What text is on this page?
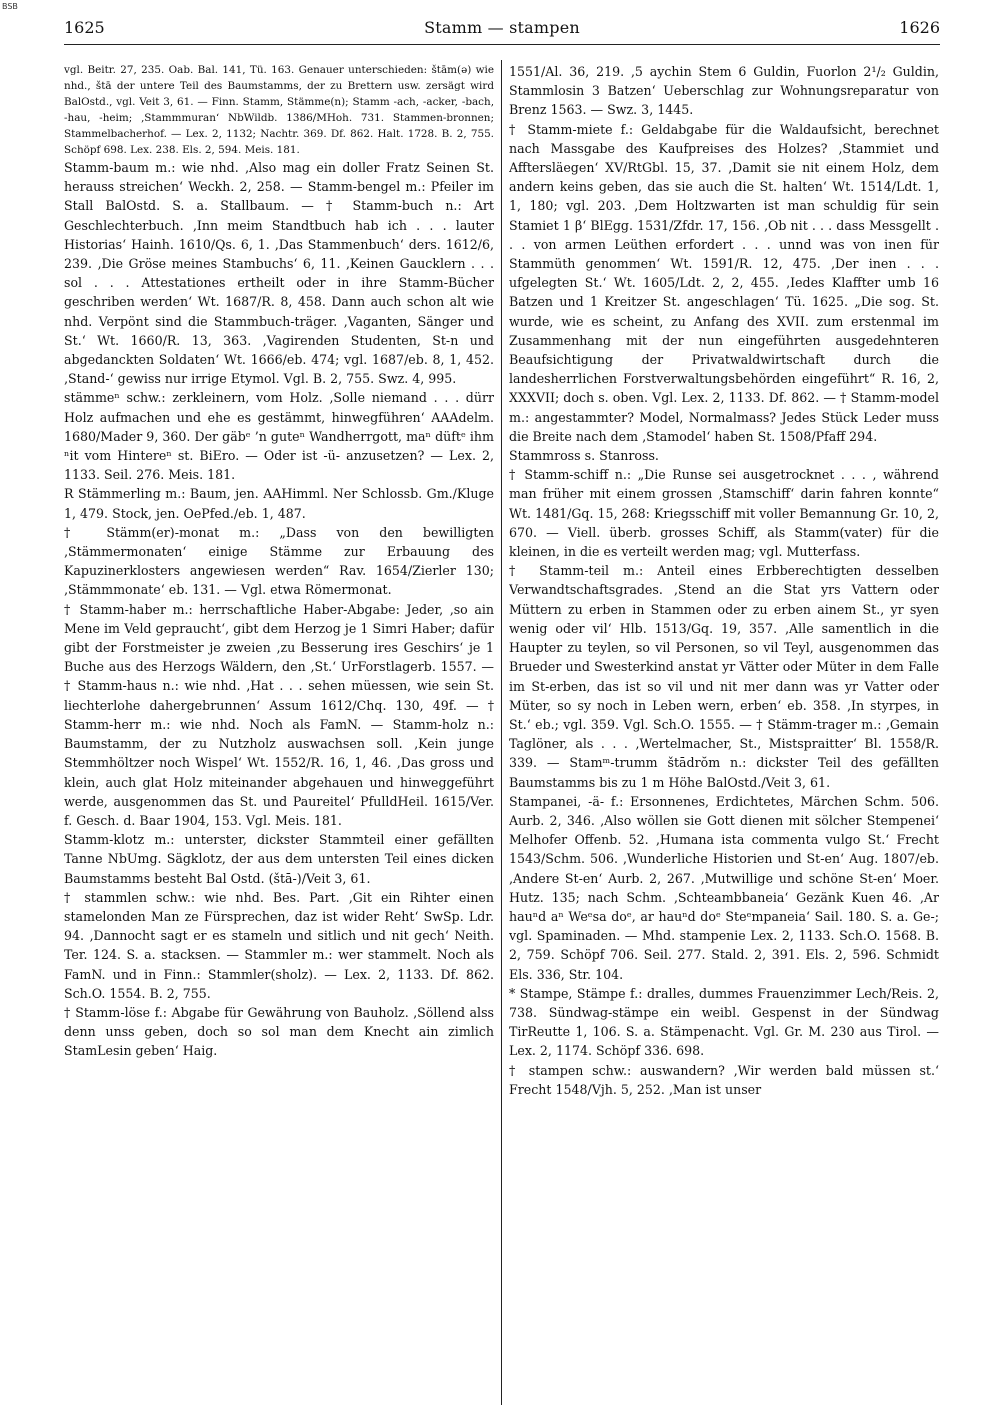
BSB
1625	Stamm — stampen	1626

vgl. Beitr. 27, 235. Oab. Bal. 141, Tü. 163. Genauer unterschieden: štām(ə) wie nhd., štā der untere Teil des Baumstamms, der zu Brettern usw. zersägt wird BalOstd., vgl. Veit 3, 61. — Finn. Stamm, Stämme(n); Stamm -ach, -acker, -bach, -hau, -heim; ‚Stammmuran‘ NbWildb. 1386/MHoh. 731. Stammen-bronnen; Stammelbacherhof. — Lex. 2, 1132; Nachtr. 369. Df. 862. Halt. 1728. B. 2, 755. Schöpf 698. Lex. 238. Els. 2, 594. Meis. 181.

Stamm-baum m.: wie nhd. ‚Also mag ein doller Fratz Seinen St. herauss streichen‘ Weckh. 2, 258. — Stamm-bengel m.: Pfeiler im Stall BalOstd. S. a. Stallbaum. — † Stamm-buch n.: Art Geschlechterbuch. ‚Inn meim Standtbuch hab ich . . . lauter Historias‘ Hainh. 1610/Qs. 6, 1. ‚Das Stammenbuch‘ ders. 1612/6, 239. ‚Die Gröse meines Stambuchs‘ 6, 11. ‚Keinen Gaucklern . . . sol . . . Attestationes ertheilt oder in ihre Stamm-Bücher geschriben werden‘ Wt. 1687/R. 8, 458. Dann auch schon alt wie nhd. Verpönt sind die Stammbuch-träger. ‚Vaganten, Sänger und St.‘ Wt. 1660/R. 13, 363. ‚Vagirenden Studenten, St-n und abgedanckten Soldaten‘ Wt. 1666/eb. 474; vgl. 1687/eb. 8, 1, 452. ‚Stand-‘ gewiss nur irrige Etymol. Vgl. B. 2, 755. Swz. 4, 995.

stämmeⁿ schw.: zerkleinern, vom Holz. ‚Solle niemand . . . dürr Holz aufmachen und ehe es gestämmt, hinwegführen‘ AAAdelm. 1680/Mader 9, 360. Der gäbᵉ ’n guteⁿ Wandherrgott, maⁿ düftᵉ ihm ⁿit vom Hintereⁿ st. BiEro. — Oder ist -ü- anzusetzen? — Lex. 2, 1133. Seil. 276. Meis. 181.

R Stämmerling m.: Baum, jen. AAHimml. Ner Schlossb. Gm./Kluge 1, 479. Stock, jen. OePfed./eb. 1, 487.

† Stämm(er)-monat m.: „Dass von den bewilligten ‚Stämmermonaten‘ einige Stämme zur Erbauung des Kapuzinerklosters angewiesen werden“ Rav. 1654/Zierler 130; ‚Stämmmonate‘ eb. 131. — Vgl. etwa Römermonat.

† Stamm-haber m.: herrschaftliche Haber-Abgabe: Jeder, ‚so ain Mene im Veld gepraucht‘, gibt dem Herzog je 1 Simri Haber; dafür gibt der Forstmeister je zweien ‚zu Besserung ires Geschirs‘ je 1 Buche aus des Herzogs Wäldern, den ‚St.‘ UrForstlagerb. 1557. — † Stamm-haus n.: wie nhd. ‚Hat . . . sehen müessen, wie sein St. liechterlohe dahergebrunnen‘ Assum 1612/Chq. 130, 49f. — † Stamm-herr m.: wie nhd. Noch als FamN. — Stamm-holz n.: Baumstamm, der zu Nutzholz auswachsen soll. ‚Kein junge Stemmhöltzer noch Wispel‘ Wt. 1552/R. 16, 1, 46. ‚Das gross und klein, auch glat Holz miteinander abgehauen und hinweggeführt werde, ausgenommen das St. und Paureitel‘ PfulldHeil. 1615/Ver. f. Gesch. d. Baar 1904, 153. Vgl. Meis. 181.

Stamm-klotz m.: unterster, dickster Stammteil einer gefällten Tanne NbUmg. Sägklotz, der aus dem untersten Teil eines dicken Baumstamms besteht Bal Ostd. (štā-)/Veit 3, 61.

† stammlen schw.: wie nhd. Bes. Part. ‚Git ein Rihter einen stamelonden Man ze Fürsprechen, daz ist wider Reht‘ SwSp. Ldr. 94. ‚Dannocht sagt er es stameln und sitlich und nit gech‘ Neith. Ter. 124. S. a. stacksen. — Stammler m.: wer stammelt. Noch als FamN. und in Finn.: Stammler(sholz). — Lex. 2, 1133. Df. 862. Sch.O. 1554. B. 2, 755.

† Stamm-löse f.: Abgabe für Gewährung von Bauholz. ‚Söllend alss denn unss geben, doch so sol man dem Knecht ain zimlich StamLesin geben‘ Haig.

1551/Al. 36, 219. ‚5 aychin Stem 6 Guldin, Fuorlon 2¹/₂ Guldin, Stammlosin 3 Batzen‘ Ueberschlag zur Wohnungsreparatur von Brenz 1563. — Swz. 3, 1445.

† Stamm-miete f.: Geldabgabe für die Waldaufsicht, berechnet nach Massgabe des Kaufpreises des Holzes? ‚Stammiet und Afftersläegen‘ XV/RtGbl. 15, 37. ‚Damit sie nit einem Holz, dem andern keins geben, das sie auch die St. halten‘ Wt. 1514/Ldt. 1, 1, 180; vgl. 203. ‚Dem Holtzwarten ist man schuldig für sein Stamiet 1 β‘ BlEgg. 1531/Zfdr. 17, 156. ‚Ob nit . . . dass Messgellt . . . von armen Leüthen erfordert . . . unnd was von inen für Stammüth genommen‘ Wt. 1591/R. 12, 475. ‚Der inen . . . ufgelegten St.‘ Wt. 1605/Ldt. 2, 2, 455. ‚Iedes Klaffter umb 16 Batzen und 1 Kreitzer St. angeschlagen‘ Tü. 1625. „Die sog. St. wurde, wie es scheint, zu Anfang des XVII. zum erstenmal im Zusammenhang mit der nun eingeführten ausgedehnteren Beaufsichtigung der Privatwaldwirtschaft durch die landesherrlichen Forstverwaltungsbehörden eingeführt“ R. 16, 2, XXXVII; doch s. oben. Vgl. Lex. 2, 1133. Df. 862. — † Stamm-model m.: angestammter? Model, Normalmass? Jedes Stück Leder muss die Breite nach dem ‚Stamodel‘ haben St. 1508/Pfaff 294.

Stammross s. Stanross.

† Stamm-schiff n.: „Die Runse sei ausgetrocknet . . . , während man früher mit einem grossen ‚Stamschiff‘ darin fahren konnte“ Wt. 1481/Gq. 15, 268: Kriegsschiff mit voller Bemannung Gr. 10, 2, 670. — Viell. überb. grosses Schiff, als Stamm(vater) für die kleinen, in die es verteilt werden mag; vgl. Mutterfass.

† Stamm-teil m.: Anteil eines Erbberechtigten desselben Verwandtschaftsgrades. ‚Stend an die Stat yrs Vattern oder Müttern zu erben in Stammen oder zu erben ainem St., yr syen wenig oder vil‘ Hlb. 1513/Gq. 19, 357. ‚Alle samentlich in die Haupter zu teylen, so vil Personen, so vil Teyl, ausgenommen das Brueder und Swesterkind anstat yr Vätter oder Müter in dem Falle im St-erben, das ist so vil und nit mer dann was yr Vatter oder Müter, so sy noch in Leben wern, erben‘ eb. 358. ‚In styrpes, in St.‘ eb.; vgl. 359. Vgl. Sch.O. 1555. — † Stämm-trager m.: ‚Gemain Taglöner, als . . . ‚Wertelmacher, St., Mistspraitter‘ Bl. 1558/R. 339. — Stamᵐ-trumm štādrŏm n.: dickster Teil des gefällten Baumstamms bis zu 1 m Höhe BalOstd./Veit 3, 61.

Stampanei, -ä- f.: Ersonnenes, Erdichtetes, Märchen Schm. 506. Aurb. 2, 346. ‚Also wöllen sie Gott dienen mit sölcher Stempenei‘ Melhofer Offenb. 52. ‚Humana ista commenta vulgo St.‘ Frecht 1543/Schm. 506. ‚Wunderliche Historien und St-en‘ Aug. 1807/eb. ‚Andere St-en‘ Aurb. 2, 267. ‚Mutwillige und schöne St-en‘ Moer. Hutz. 135; nach Schm. ‚Schteambbaneia‘ Gezänk Kuen 46. ‚Ar hauⁿd aⁿ Weᵉsa doᵉ, ar hauⁿd doᵉ Steᵉmpaneia‘ Sail. 180. S. a. Ge-; vgl. Spaminaden. — Mhd. stampenie Lex. 2, 1133. Sch.O. 1568. B. 2, 759. Schöpf 706. Seil. 277. Stald. 2, 391. Els. 2, 596. Schmidt Els. 336, Str. 104.

* Stampe, Stämpe f.: dralles, dummes Frauenzimmer Lech/Reis. 2, 738. Sündwag-stämpe ein weibl. Gespenst in der Sündwag TirReutte 1, 106. S. a. Stämpenacht. Vgl. Gr. M. 230 aus Tirol. — Lex. 2, 1174. Schöpf 336. 698.

† stampen schw.: auswandern? ‚Wir werden bald müssen st.‘ Frecht 1548/Vjh. 5, 252. ‚Man ist unser
